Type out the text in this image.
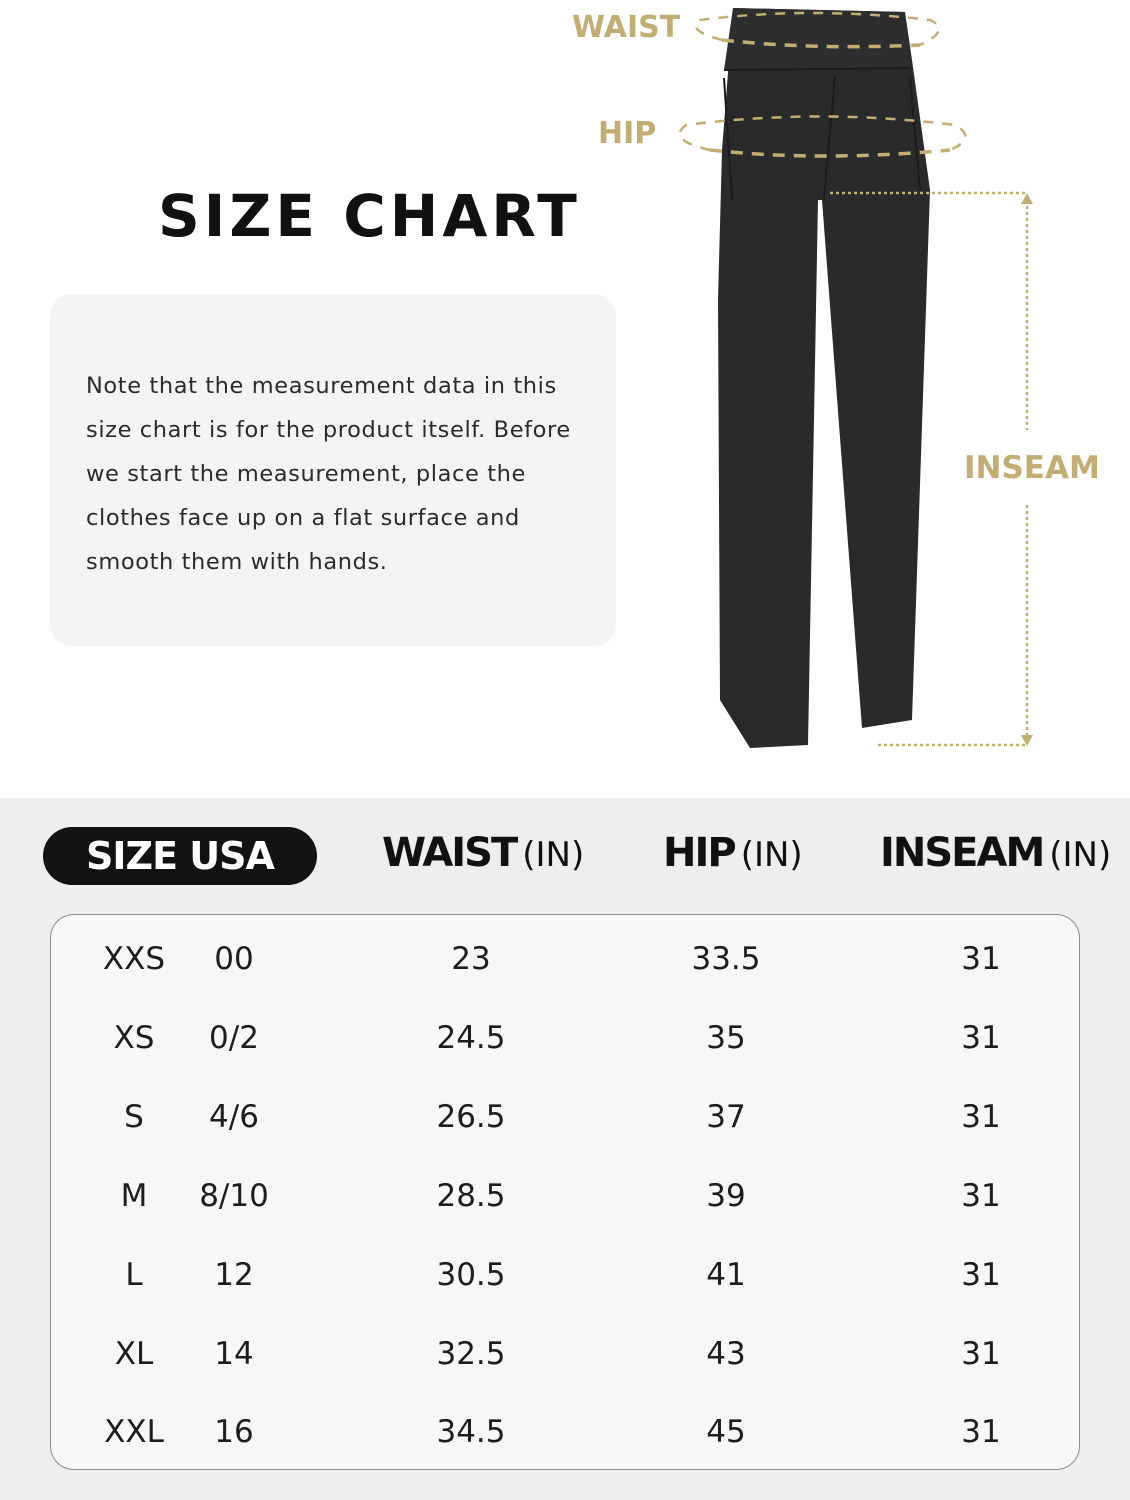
SIZE CHART

Note that the measurement data in this size chart is for the product itself. Before we start the measurement, place the clothes face up on a flat surface and smooth them with hands.

WAIST
HIP
INSEAM
SIZE USA	WAIST (IN) HIP (IN) INSEAM (IN)
XXS	00	23	33.5	31
XS	0/2	24.5	35	31
S	4/6	26.5	37	31
M	8/10	28.5	39	31
L	12	30.5	41	31
XL	14	32.5	43	31
XXL	16	34.5	45	31
